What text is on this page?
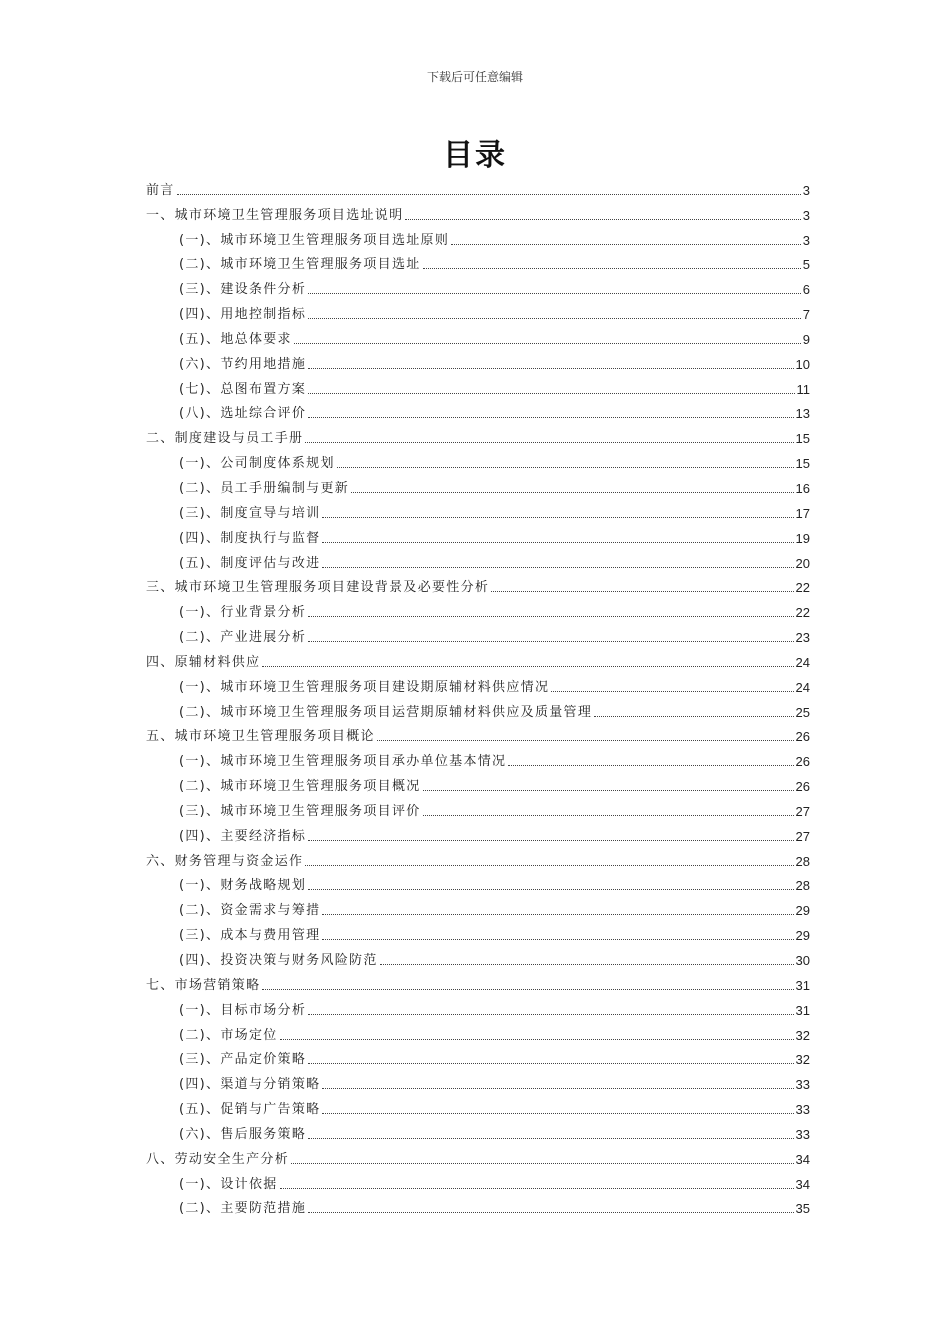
下载后可任意编辑
目录
前言	3
一、城市环境卫生管理服务项目选址说明	3
(一)、城市环境卫生管理服务项目选址原则	3
(二)、城市环境卫生管理服务项目选址	5
(三)、建设条件分析	6
(四)、用地控制指标	7
(五)、地总体要求	9
(六)、节约用地措施	10
(七)、总图布置方案	11
(八)、选址综合评价	13
二、制度建设与员工手册	15
(一)、公司制度体系规划	15
(二)、员工手册编制与更新	16
(三)、制度宣导与培训	17
(四)、制度执行与监督	19
(五)、制度评估与改进	20
三、城市环境卫生管理服务项目建设背景及必要性分析	22
(一)、行业背景分析	22
(二)、产业进展分析	23
四、原辅材料供应	24
(一)、城市环境卫生管理服务项目建设期原辅材料供应情况	24
(二)、城市环境卫生管理服务项目运营期原辅材料供应及质量管理	25
五、城市环境卫生管理服务项目概论	26
(一)、城市环境卫生管理服务项目承办单位基本情况	26
(二)、城市环境卫生管理服务项目概况	26
(三)、城市环境卫生管理服务项目评价	27
(四)、主要经济指标	27
六、财务管理与资金运作	28
(一)、财务战略规划	28
(二)、资金需求与筹措	29
(三)、成本与费用管理	29
(四)、投资决策与财务风险防范	30
七、市场营销策略	31
(一)、目标市场分析	31
(二)、市场定位	32
(三)、产品定价策略	32
(四)、渠道与分销策略	33
(五)、促销与广告策略	33
(六)、售后服务策略	33
八、劳动安全生产分析	34
(一)、设计依据	34
(二)、主要防范措施	35
